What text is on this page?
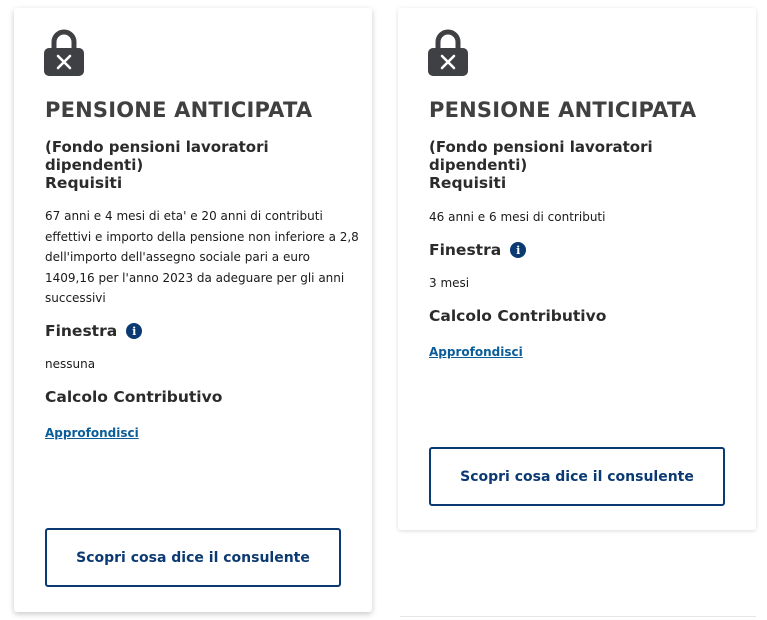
PENSIONE ANTICIPATA
(Fondo pensioni lavoratori dipendenti)
Requisiti
67 anni e 4 mesi di eta' e 20 anni di contributi
effettivi e importo della pensione non inferiore a 2,8
dell'importo dell'assegno sociale pari a euro
1409,16 per l'anno 2023 da adeguare per gli anni
successivi
Finestra	i
nessuna
Calcolo Contributivo
Approfondisci
Scopri cosa dice il consulente
PENSIONE ANTICIPATA
(Fondo pensioni lavoratori dipendenti)
Requisiti
46 anni e 6 mesi di contributi
Finestra	i
3 mesi
Calcolo Contributivo
Approfondisci
Scopri cosa dice il consulente
